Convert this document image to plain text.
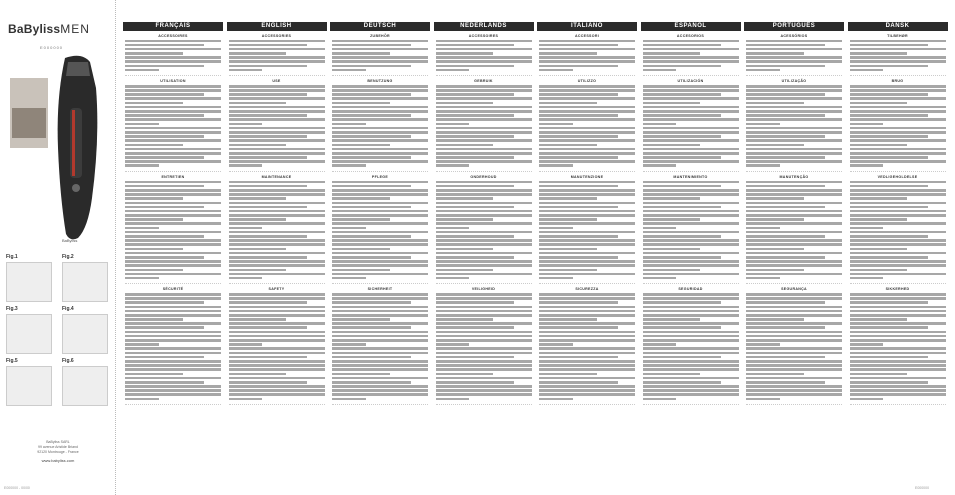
BaBylissMEN
E000000
BaByliss
Fig.1	Fig.2
Fig.3	Fig.4
Fig.5	Fig.6
BaByliss SARL
99 avenue Aristide Briand
92120 Montrouge - France
www.babyliss.com
E000000 - 00/00	E000000
FRANÇAIS
ACCESSOIRES
UTILISATION
ENTRETIEN
SÉCURITÉ
ENGLISH
ACCESSORIES
USE
MAINTENANCE
SAFETY
DEUTSCH
ZUBEHÖR
BENUTZUNG
PFLEGE
SICHERHEIT
NEDERLANDS
ACCESSOIRES
GEBRUIK
ONDERHOUD
VEILIGHEID
ITALIANO
ACCESSORI
UTILIZZO
MANUTENZIONE
SICUREZZA
ESPAÑOL
ACCESORIOS
UTILIZACIÓN
MANTENIMIENTO
SEGURIDAD
PORTUGUÊS
ACESSÓRIOS
UTILIZAÇÃO
MANUTENÇÃO
SEGURANÇA
DANSK
TILBEHØR
BRUG
VEDLIGEHOLDELSE
SIKKERHED
